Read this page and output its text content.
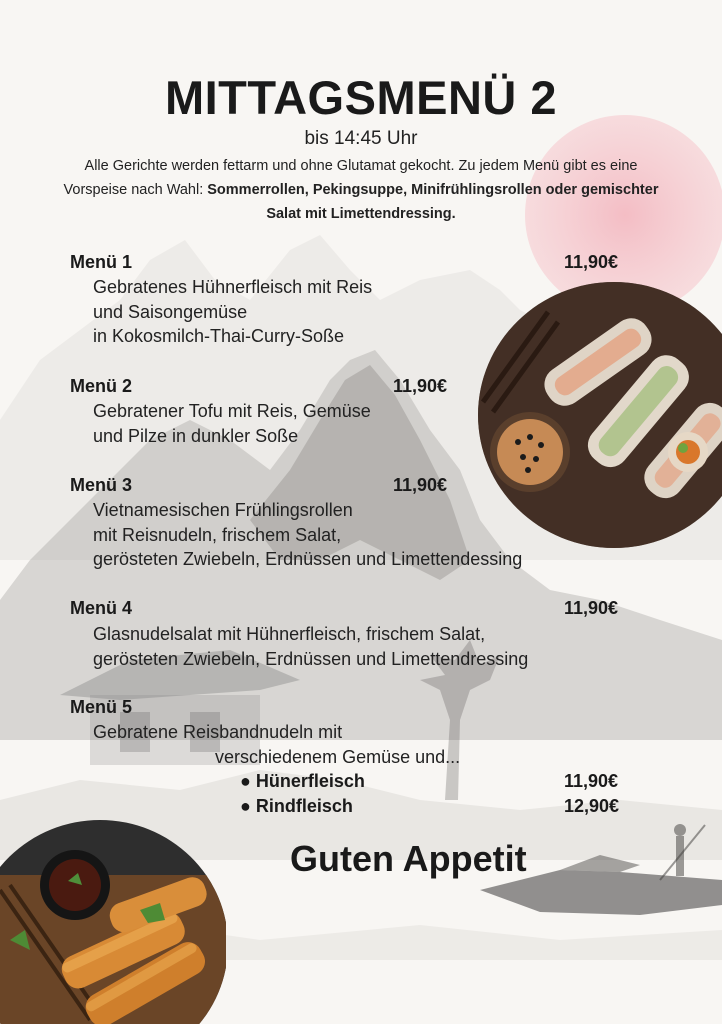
MITTAGSMENÜ 2
bis 14:45 Uhr
Alle Gerichte werden fettarm und ohne Glutamat gekocht. Zu jedem Menü gibt es eine Vorspeise nach Wahl: Sommerrollen, Pekingsuppe, Minifrühlingsrollen oder gemischter Salat mit Limettendressing.
Menü 1	11,90€
Gebratenes Hühnerfleisch mit Reis
und Saisongemüse
in Kokosmilch-Thai-Curry-Soße
Menü 2	11,90€
Gebratener Tofu mit Reis, Gemüse
und Pilze in dunkler Soße
Menü 3	11,90€
Vietnamesischen Frühlingsrollen
mit Reisnudeln, frischem Salat,
gerösteten Zwiebeln, Erdnüssen und Limettendessing
Menü 4	11,90€
Glasnudelsalat mit Hühnerfleisch, frischem Salat,
gerösteten Zwiebeln, Erdnüssen und Limettendressing
Menü 5
Gebratene Reisbandnudeln mit
verschiedenem Gemüse und...
● Hünerfleisch	11,90€
● Rindfleisch	12,90€
Guten Appetit
